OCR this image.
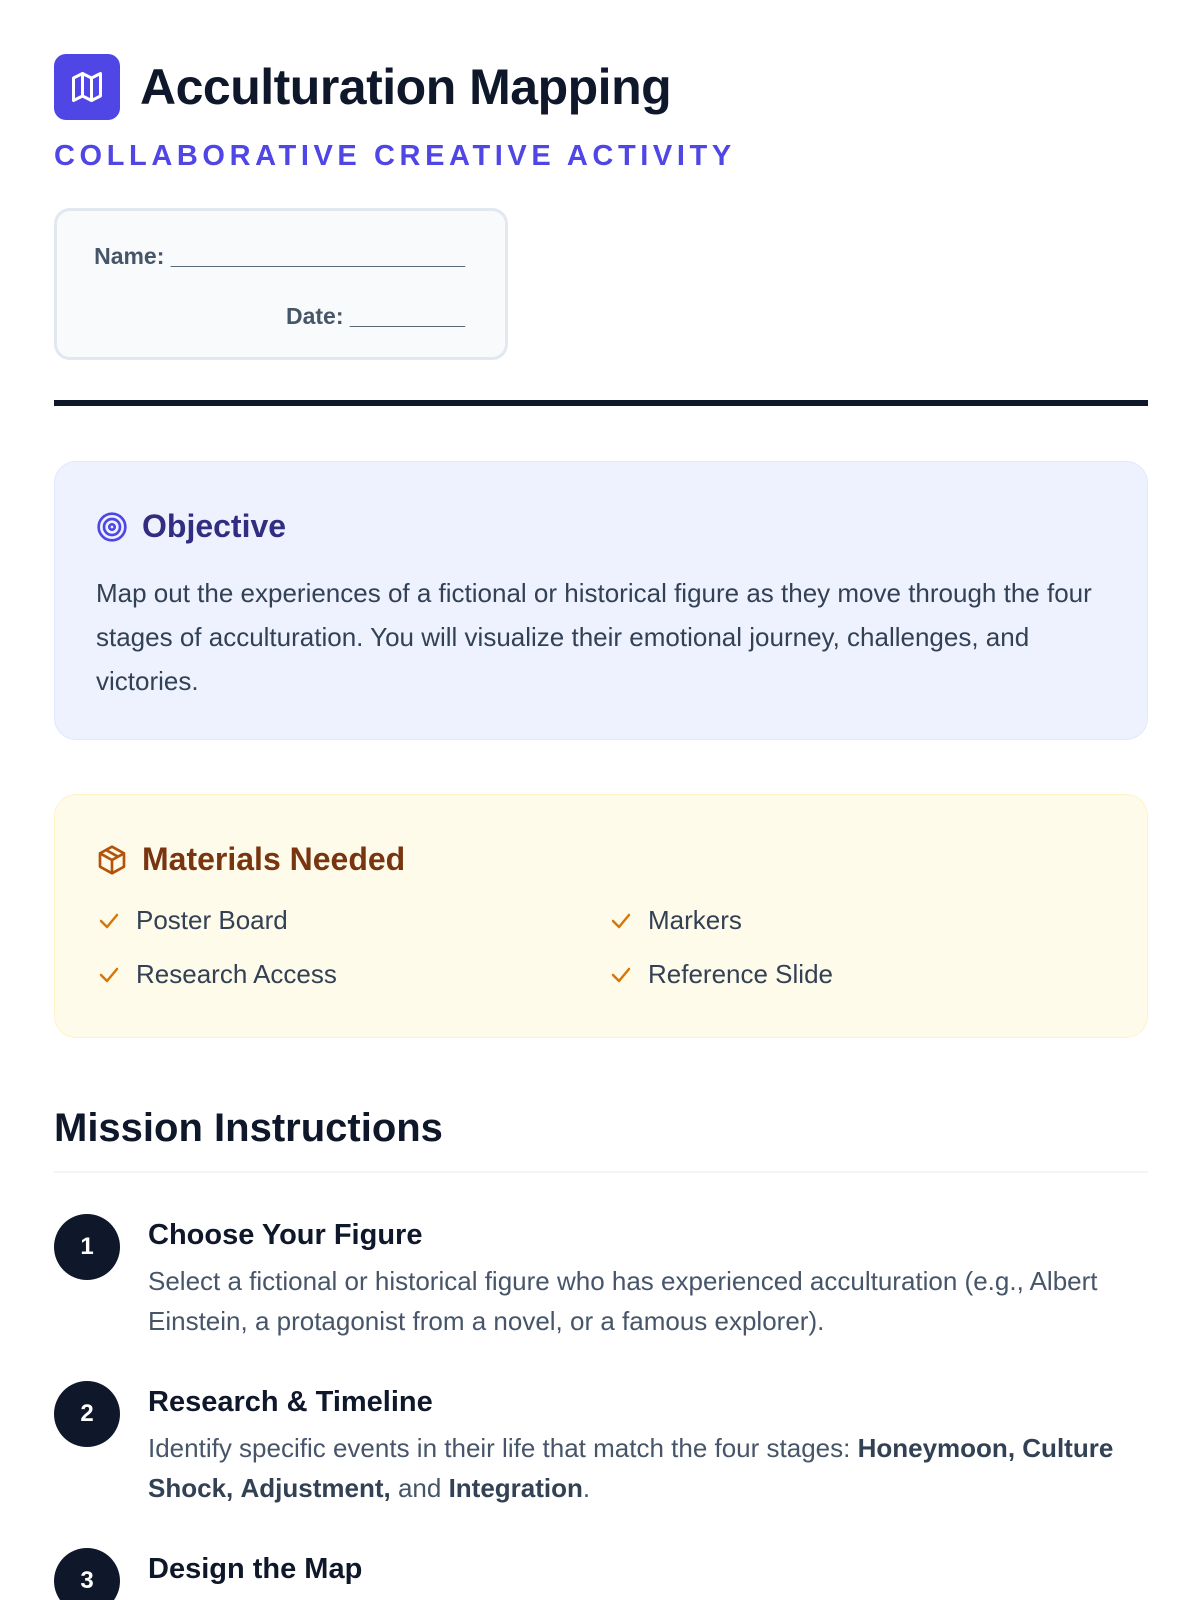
Acculturation Mapping
COLLABORATIVE CREATIVE ACTIVITY
Name: _______________________
Date: _________
Objective

Map out the experiences of a fictional or historical figure as they move through the four stages of acculturation. You will visualize their emotional journey, challenges, and victories.

Materials Needed
Poster Board	Markers
Research Access	Reference Slide
Mission Instructions
1	Choose Your Figure

Select a fictional or historical figure who has experienced acculturation (e.g., Albert Einstein, a protagonist from a novel, or a famous explorer).

2	Research & Timeline

Identify specific events in their life that match the four stages: Honeymoon, Culture Shock, Adjustment, and Integration.

3	Design the Map
